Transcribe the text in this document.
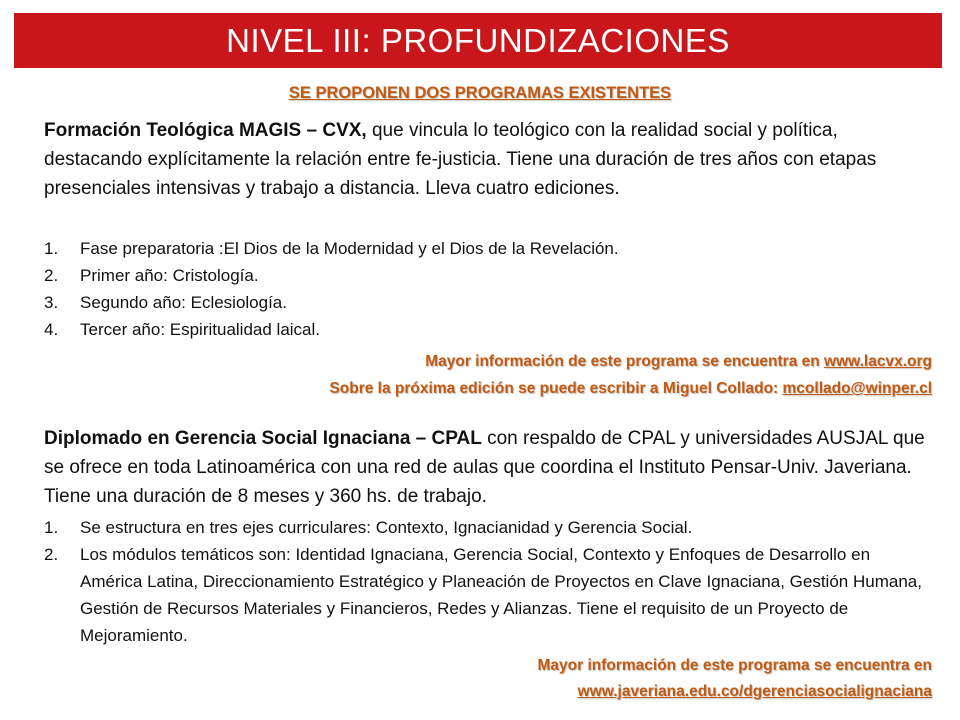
NIVEL III: PROFUNDIZACIONES
SE PROPONEN DOS PROGRAMAS EXISTENTES
Formación Teológica MAGIS – CVX, que vincula lo teológico con la realidad social y política, destacando explícitamente la relación entre fe-justicia. Tiene una duración de tres años con etapas presenciales intensivas y trabajo a distancia. Lleva cuatro ediciones.
1. Fase preparatoria :El Dios de la Modernidad y el Dios de la Revelación.
2. Primer año: Cristología.
3. Segundo año: Eclesiología.
4. Tercer año: Espiritualidad laical.
Mayor información de este programa se encuentra en www.lacvx.org
Sobre la próxima edición se puede escribir a Miguel Collado: mcollado@winper.cl
Diplomado en Gerencia Social Ignaciana – CPAL con respaldo de CPAL y universidades AUSJAL que se ofrece en toda Latinoamérica con una red de aulas que coordina el Instituto Pensar-Univ. Javeriana. Tiene una duración de 8 meses y 360 hs. de trabajo.
1. Se estructura en tres ejes curriculares: Contexto, Ignacianidad y Gerencia Social.
2. Los módulos temáticos son: Identidad Ignaciana, Gerencia Social, Contexto y Enfoques de Desarrollo en América Latina, Direccionamiento Estratégico y Planeación de Proyectos en Clave Ignaciana, Gestión Humana, Gestión de Recursos Materiales y Financieros, Redes y Alianzas. Tiene el requisito de un Proyecto de Mejoramiento.
Mayor información de este programa se encuentra en
www.javeriana.edu.co/dgerenciasocialignaciana
